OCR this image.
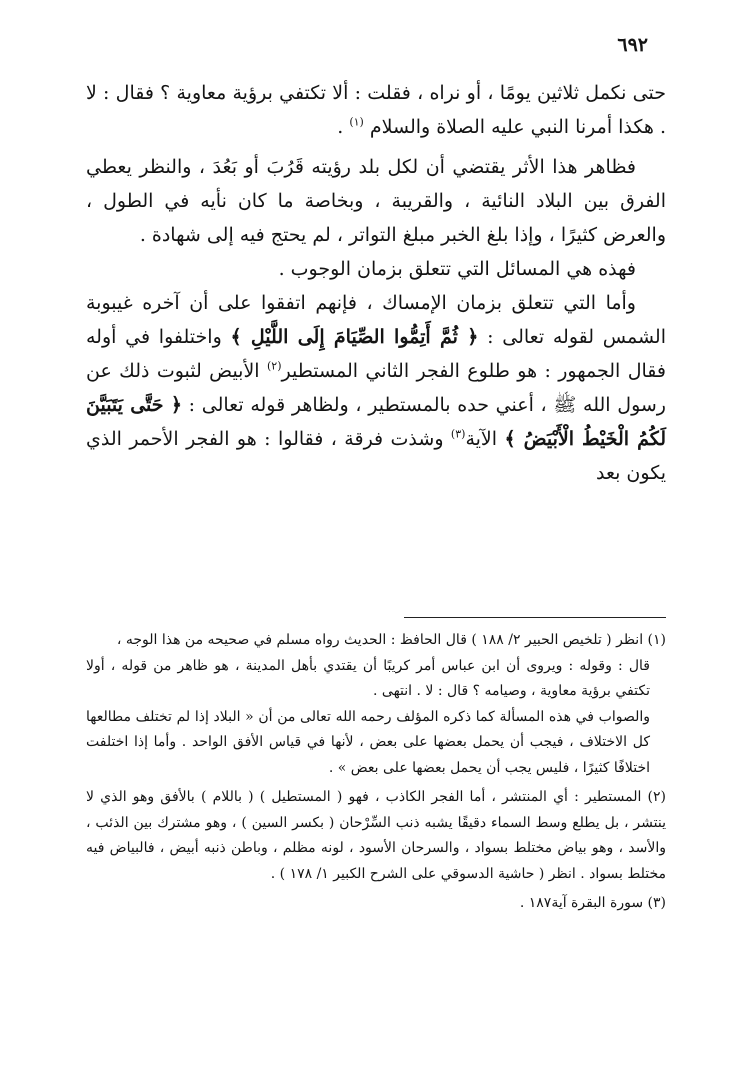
٦٩٢

حتى نكمل ثلاثين يومًا ، أو نراه ، فقلت : ألا تكتفي برؤية معاوية ؟ فقال : لا . هكذا أمرنا النبي عليه الصلاة والسلام $^{(١)}$ .

فظاهر هذا الأثر يقتضي أن لكل بلد رؤيته قَرُبَ أو بَعُدَ ، والنظر يعطي الفرق بين البلاد النائية ، والقريبة ، وبخاصة ما كان نأيه في الطول ، والعرض كثيرًا ، وإذا بلغ الخبر مبلغ التواتر ، لم يحتج فيه إلى شهادة .

فهذه هي المسائل التي تتعلق بزمان الوجوب .

وأما التي تتعلق بزمان الإمساك ، فإنهم اتفقوا على أن آخره غيبوبة الشمس لقوله تعالى : ﴿ ثُمَّ أَتِمُّوا الصِّيَامَ إِلَى اللَّيْلِ ﴾ واختلفوا في أوله فقال الجمهور : هو طلوع الفجر الثاني المستطير$^{(٢)}$ الأبيض لثبوت ذلك عن رسول الله ﷺ ، أعني حده بالمستطير ، ولظاهر قوله تعالى : ﴿ حَتَّى يَتَبَيَّنَ لَكُمُ الْخَيْطُ الْأَبْيَضُ ﴾ الآية$^{(٣)}$ وشذت فرقة ، فقالوا : هو الفجر الأحمر الذي يكون بعد

(١) انظر ( تلخيص الحبير ٢/ ١٨٨ ) قال الحافظ : الحديث رواه مسلم في صحيحه من هذا الوجه ،

قال : وقوله : ويروى أن ابن عباس أمر كريبًا أن يقتدي بأهل المدينة ، هو ظاهر من قوله ، أولا تكتفي برؤية معاوية ، وصيامه ؟ قال : لا . انتهى .

والصواب في هذه المسألة كما ذكره المؤلف رحمه الله تعالى من أن « البلاد إذا لم تختلف مطالعها كل الاختلاف ، فيجب أن يحمل بعضها على بعض ، لأنها في قياس الأفق الواحد . وأما إذا اختلفت اختلافًا كثيرًا ، فليس يجب أن يحمل بعضها على بعض » .

(٢) المستطير : أي المنتشر ، أما الفجر الكاذب ، فهو ( المستطيل ) ( باللام ) بالأفق وهو الذي لا ينتشر ، بل يطلع وسط السماء دقيقًا يشبه ذنب السِّرْحان ( بكسر السين ) ، وهو مشترك بين الذئب ، والأسد ، وهو بياض مختلط بسواد ، والسرحان الأسود ، لونه مظلم ، وباطن ذنبه أبيض ، فالبياض فيه مختلط بسواد . انظر ( حاشية الدسوقي على الشرح الكبير ١/ ١٧٨ ) .

(٣) سورة البقرة آية١٨٧ .
